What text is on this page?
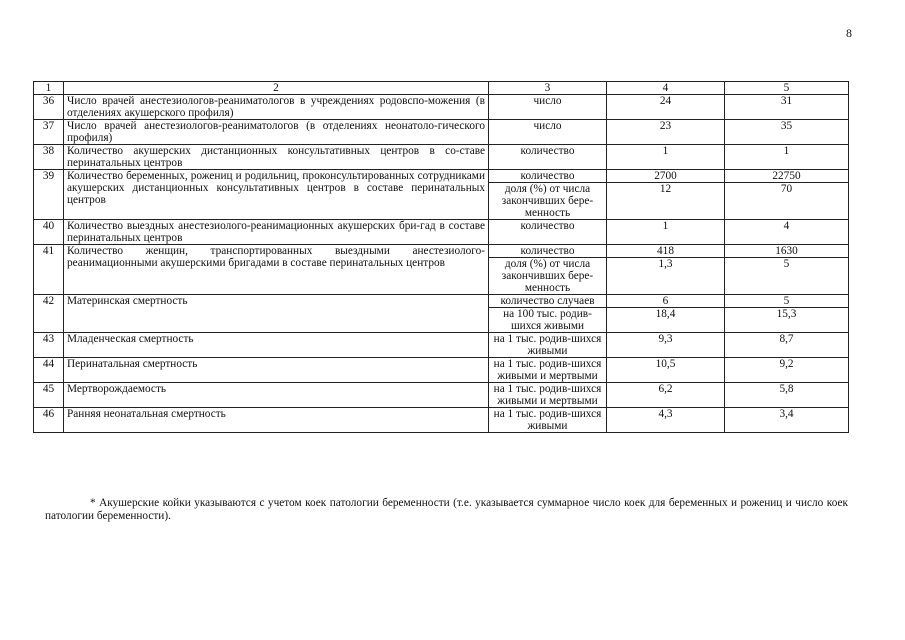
8
1	2	3	4	5
36	Число врачей анестезиологов-реаниматологов в учреждениях родовспо-можения (в отделениях акушерского профиля)	число	24	31
37	Число врачей анестезиологов-реаниматологов (в отделениях неонатоло-гического профиля)	число	23	35
38	Количество акушерских дистанционных консультативных центров в со-ставе перинатальных центров	количество	1	1
39	Количество беременных, рожениц и родильниц, проконсультированных сотрудниками акушерских дистанционных консультативных центров в составе перинатальных центров	количество	2700	22750
		доля (%) от числа закончивших бере-менность	12	70
40	Количество выездных анестезиолого-реанимационных акушерских бри-гад в составе перинатальных центров	количество	1	4
41	Количество женщин, транспортированных выездными анестезиолого-реанимационными акушерскими бригадами в составе перинатальных центров	количество	418	1630
		доля (%) от числа закончивших бере-менность	1,3	5
42	Материнская смертность	количество случаев	6	5
		на 100 тыс. родив-шихся живыми	18,4	15,3
43	Младенческая смертность	на 1 тыс. родив-шихся живыми	9,3	8,7
44	Перинатальная смертность	на 1 тыс. родив-шихся живыми и мертвыми	10,5	9,2
45	Мертворождаемость	на 1 тыс. родив-шихся живыми и мертвыми	6,2	5,8
46	Ранняя неонатальная смертность	на 1 тыс. родив-шихся живыми	4,3	3,4
* Акушерские койки указываются с учетом коек патологии беременности (т.е. указывается суммарное число коек для беременных и рожениц и число коек патологии беременности).
